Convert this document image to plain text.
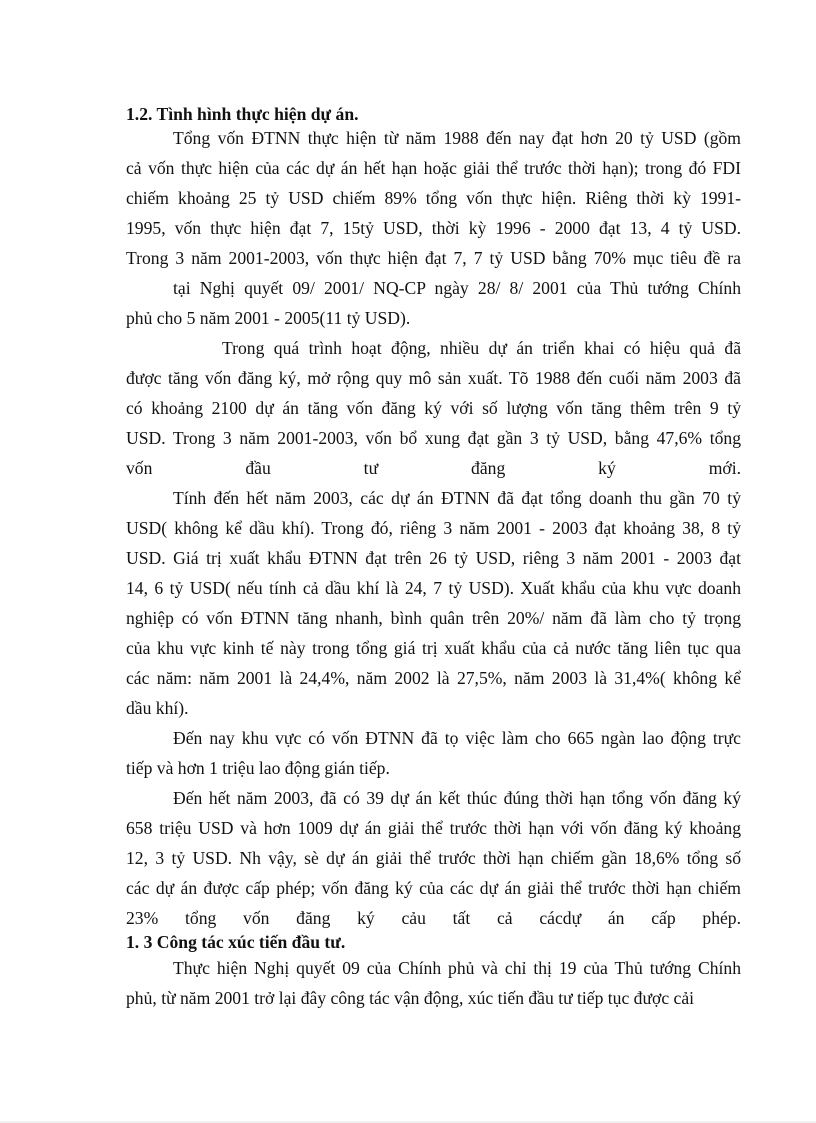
1.2. Tình hình thực hiện dự án.
Tổng vốn ĐTNN thực hiện từ năm 1988 đến nay đạt hơn 20 tỷ USD (gồm
cả vốn thực hiện của các dự án hết hạn hoặc giải thể trước thời hạn); trong đó FDI
chiếm khoảng 25 tỷ USD chiếm 89% tổng vốn thực hiện. Riêng thời kỳ 1991-
1995, vốn thực hiện đạt 7, 15tỷ USD, thời kỳ 1996 - 2000 đạt 13, 4 tỷ USD.
Trong 3 năm 2001-2003, vốn thực hiện đạt 7, 7 tỷ USD bằng 70% mục tiêu đề ra
tại Nghị quyết 09/ 2001/ NQ-CP ngày 28/ 8/ 2001 của Thủ tướng Chính
phủ cho 5 năm 2001 - 2005(11 tỷ USD).
Trong quá trình hoạt động, nhiều dự án triển khai có hiệu quả đã
được tăng vốn đăng ký, mở rộng quy mô sản xuất. Tõ 1988 đến cuối năm 2003 đã
có khoảng 2100 dự án tăng vốn đăng ký với số lượng vốn tăng thêm trên 9 tỷ
USD. Trong 3 năm 2001-2003, vốn bổ xung đạt gần 3 tỷ USD, bằng 47,6% tổng
vốn đầu tư đăng ký mới.
Tính đến hết năm 2003, các dự án ĐTNN đã đạt tổng doanh thu gần 70 tỷ
USD( không kể dầu khí). Trong đó, riêng 3 năm 2001 - 2003 đạt khoảng 38, 8 tỷ
USD. Giá trị xuất khẩu ĐTNN đạt trên 26 tỷ USD, riêng 3 năm 2001 - 2003 đạt
14, 6 tỷ USD( nếu tính cả dầu khí là 24, 7 tỷ USD). Xuất khẩu của khu vực doanh
nghiệp có vốn ĐTNN tăng nhanh, bình quân trên 20%/ năm đã làm cho tỷ trọng
của khu vực kinh tế này trong tổng giá trị xuất khẩu của cả nước tăng liên tục qua
các năm: năm 2001 là 24,4%, năm 2002 là 27,5%, năm 2003 là 31,4%( không kể
dầu khí).
Đến nay khu vực có vốn ĐTNN đã tọ việc làm cho 665 ngàn lao động trực
tiếp và hơn 1 triệu lao động gián tiếp.
Đến hết năm 2003, đã có 39 dự án kết thúc đúng thời hạn tổng vốn đăng ký
658 triệu USD và hơn 1009 dự án giải thể trước thời hạn với vốn đăng ký khoảng
12, 3 tỷ USD. Nh vậy, sè dự án giải thể trước thời hạn chiếm gần 18,6% tổng số
các dự án được cấp phép; vốn đăng ký của các dự án giải thể trước thời hạn chiếm
23% tổng vốn đăng ký cảu tất cả cácdự án cấp phép.
1. 3 Công tác xúc tiến đầu tư.
Thực hiện Nghị quyết 09 của Chính phủ và chỉ thị 19 của Thủ tướng Chính
phủ, từ năm 2001 trở lại đây công tác vận động, xúc tiến đầu tư tiếp tục được cải
